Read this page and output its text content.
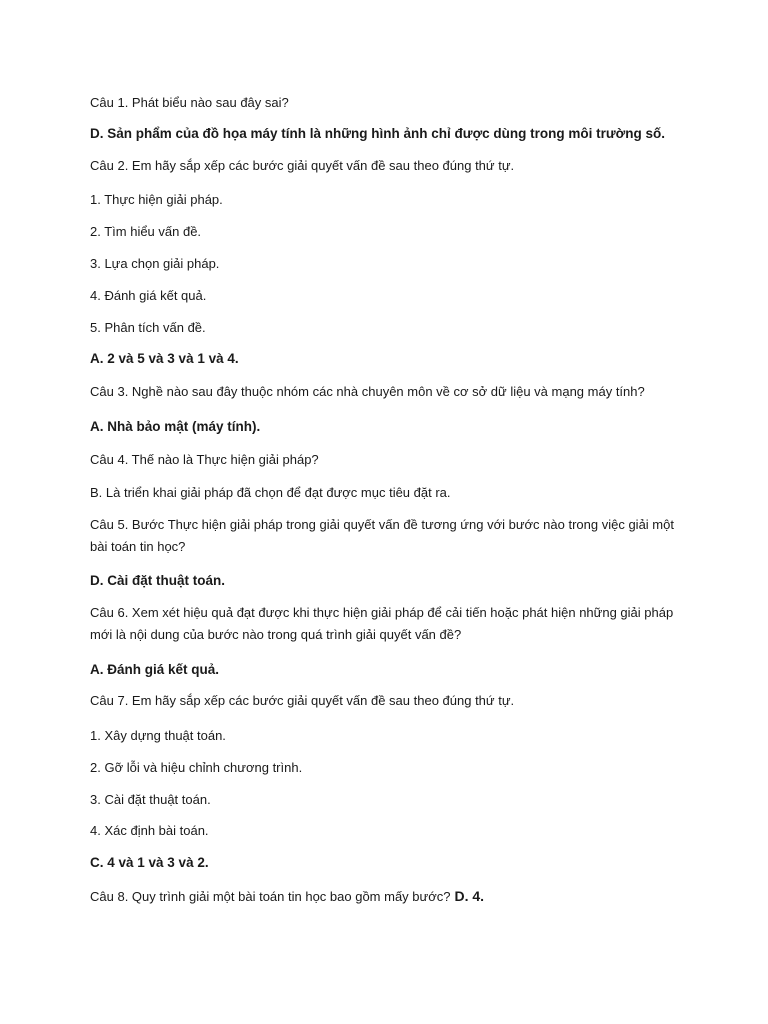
Câu 1. Phát biểu nào sau đây sai?

D. Sản phẩm của đồ họa máy tính là những hình ảnh chỉ được dùng trong môi trường số.

Câu 2. Em hãy sắp xếp các bước giải quyết vấn đề sau theo đúng thứ tự.

1. Thực hiện giải pháp.

2. Tìm hiểu vấn đề.

3. Lựa chọn giải pháp.

4. Đánh giá kết quả.

5. Phân tích vấn đề.

A. 2 và 5 và 3 và 1 và 4.

Câu 3. Nghề nào sau đây thuộc nhóm các nhà chuyên môn về cơ sở dữ liệu và mạng máy tính?

A. Nhà bảo mật (máy tính).

Câu 4. Thế nào là Thực hiện giải pháp?

B. Là triển khai giải pháp đã chọn để đạt được mục tiêu đặt ra.

Câu 5. Bước Thực hiện giải pháp trong giải quyết vấn đề tương ứng với bước nào trong việc giải một bài toán tin học?

D. Cài đặt thuật toán.

Câu 6. Xem xét hiệu quả đạt được khi thực hiện giải pháp để cải tiến hoặc phát hiện những giải pháp mới là nội dung của bước nào trong quá trình giải quyết vấn đề?

A. Đánh giá kết quả.

Câu 7. Em hãy sắp xếp các bước giải quyết vấn đề sau theo đúng thứ tự.

1. Xây dựng thuật toán.

2. Gỡ lỗi và hiệu chỉnh chương trình.

3. Cài đặt thuật toán.

4. Xác định bài toán.

C. 4 và 1 và 3 và 2.

Câu 8. Quy trình giải một bài toán tin học bao gồm mấy bước? D. 4.
